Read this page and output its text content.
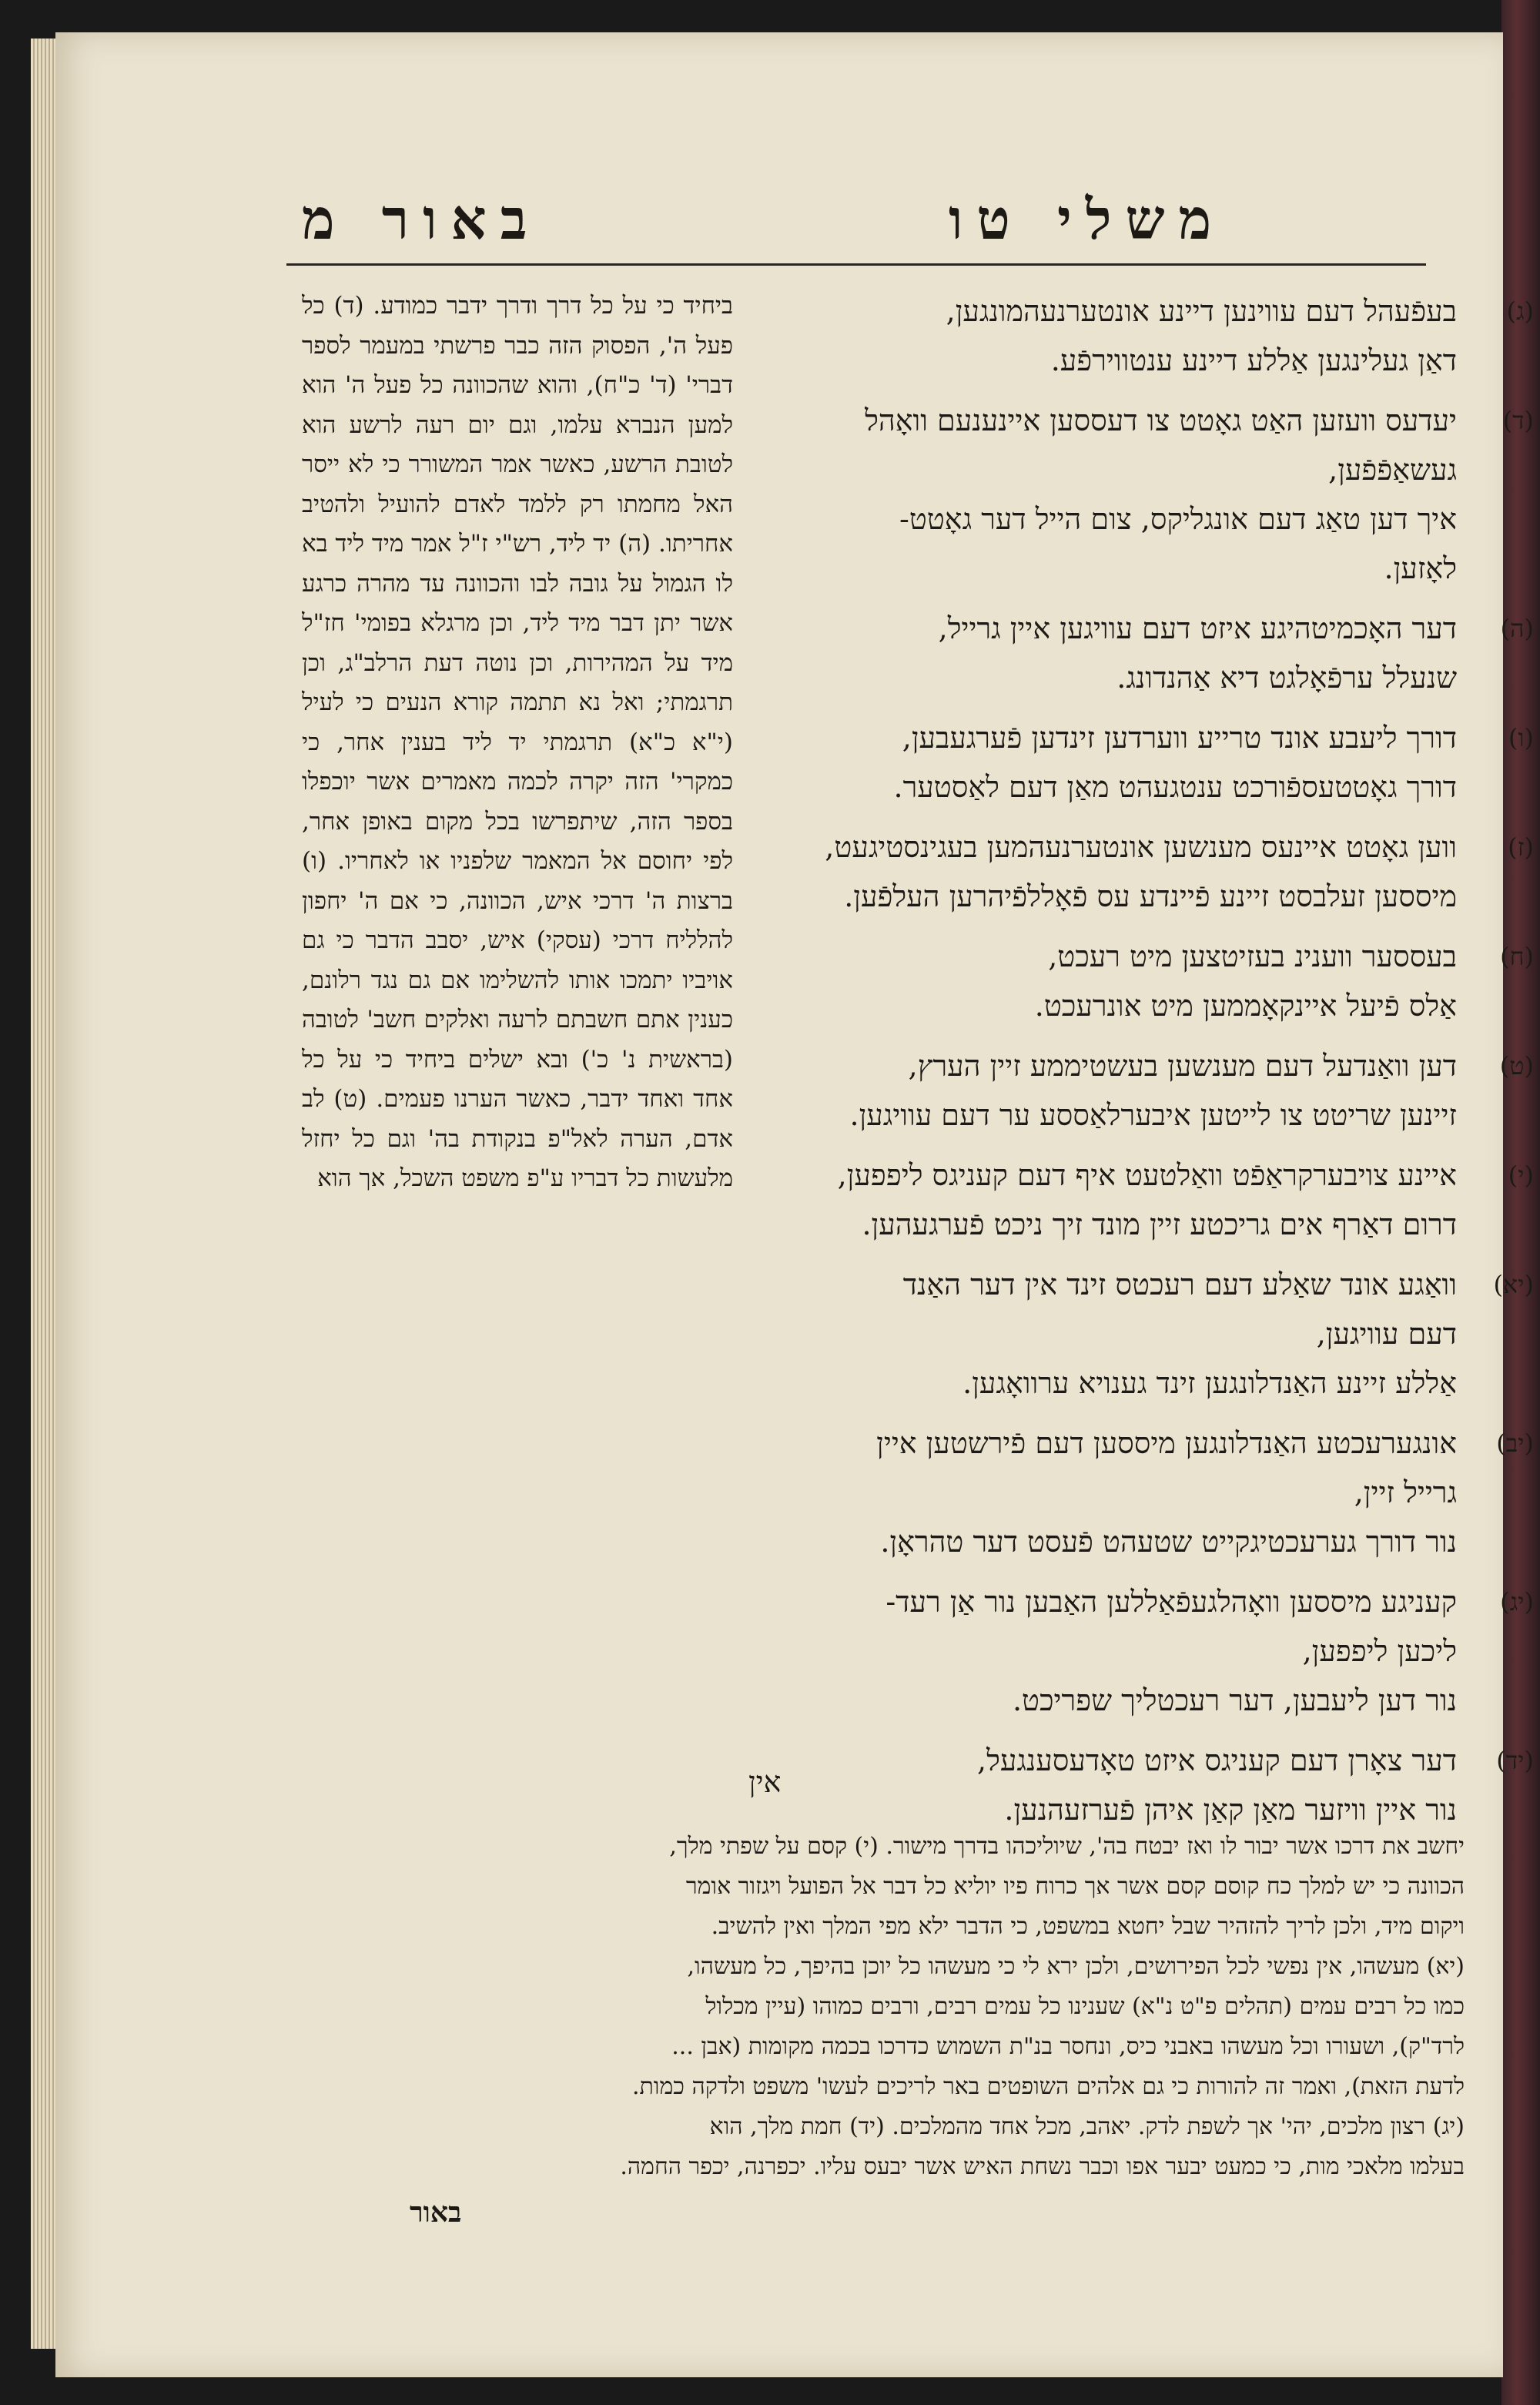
באור מ	משלי טו
ביחיד כי על כל דרך ודרך ידבר כמודע. (ד) כל פעל ה', הפסוק הזה כבר פרשתי במעמר לספר דברי' (ד' כ"ח), והוא שהכוונה כל פעל ה' הוא למען הנברא עלמו, וגם יום רעה לרשע הוא לטובת הרשע, כאשר אמר המשורר כי לא ייסר האל מחמתו רק ללמד לאדם להועיל ולהטיב אחריתו. (ה) יד ליד, רש"י ז"ל אמר מיד ליד בא לו הגמול על גובה לבו והכוונה עד מהרה כרגע אשר יתן דבר מיד ליד, וכן מרגלא בפומי' חז"ל מיד על המהירות, וכן נוטה דעת הרלב"ג, וכן תרגמתי; ואל נא תתמה קורא הנעים כי לעיל (י"א כ"א) תרגמתי יד ליד בענין אחר, כי כמקרי' הזה יקרה לכמה מאמרים אשר יוכפלו בספר הזה, שיתפרשו בכל מקום באופן אחר, לפי יחוסם אל המאמר שלפניו או לאחריו. (ו) ברצות ה' דרכי איש, הכוונה, כי אם ה' יחפון להלליח דרכי (עסקי) איש, יסבב הדבר כי גם אויביו יתמכו אותו להשלימו אם גם נגד רלונם, כענין אתם חשבתם לרעה ואלקים חשב' לטובה (בראשית נ' כ') ובא ישלים ביחיד כי על כל אחד ואחד ידבר, כאשר הערנו פעמים. (ט) לב אדם, הערה לאל"פ בנקודת בה' וגם כל יחזל מלעשות כל דבריו ע"פ משפט השכל, אך הוא
(ג)
בעפֿעהל דעם עווינען דיינע אונטערנעהמונגען,
דאַן געלינגען אַללע דיינע ענטווירפֿע.
(ד)
יעדעס וועזען האַט גאָטט צו דעססען איינענעם וואָהל
געשאַפֿפֿען,
איך דען טאַג דעם אונגליקס, צום הייל דער גאָטט-
לאָזען.
(ה)
דער האָכמיטהיגע איזט דעם עוויגען איין גרייל,
שנעלל ערפֿאָלגט דיא אַהנדונג.
(ו)
דורך ליעבע אונד טרייע ווערדען זינדען פֿערגעבען,
דורך גאָטטעספֿורכט ענטגעהט מאַן דעם לאַסטער.
(ז)
ווען גאָטט איינעס מענשען אונטערנעהמען בעגינסטיגעט,
מיססען זעלבסט זיינע פֿיינדע עס פֿאָללפֿיהרען העלפֿען.
(ח)
בעססער ווענינ בעזיטצען מיט רעכט,
אַלס פֿיעל איינקאָממען מיט אונרעכט.
(ט)
דען וואַנדעל דעם מענשען בעשטיממע זיין הערץ,
זיינען שריטט צו לייטען איבערלאַססע ער דעם עוויגען.
(י)
איינע צויבערקראַפֿט וואַלטעט איף דעם קעניגס ליפפען,
דרום דאַרף אים גריכטע זיין מונד זיך ניכט פֿערגעהען.
(יא)
וואַגע אונד שאַלע דעם רעכטס זינד אין דער האַנד
דעם עוויגען,
אַללע זיינע האַנדלונגען זינד גענויא ערוואָגען.
(יב)
אונגערעכטע האַנדלונגען מיססען דעם פֿירשטען איין
גרייל זיין,
נור דורך גערעכטיגקייט שטעהט פֿעסט דער טהראָן.
(יג)
קעניגע מיססען וואָהלגעפֿאַללען האַבען נור אַן רעד-
ליכען ליפפען,
נור דען ליעבען, דער רעכטליך שפריכט.
(יד)
דער צאָרן דעם קעניגס איזט טאָדעסענגעל,
נור איין וויזער מאַן קאַן איהן פֿערזעהנען.
אין
יחשב את דרכו אשר יבור לו ואז יבטח בה', שיוליכהו בדרך מישור. (י) קסם על שפתי מלך,
הכוונה כי יש למלך כח קוסם קסם אשר אך כרוח פיו יוליא כל דבר אל הפועל ויגזור אומר
ויקום מיד, ולכן לריך להזהיר שבל יחטא במשפט, כי הדבר ילא מפי המלך ואין להשיב.
(יא) מעשהו, אין נפשי לכל הפירושים, ולכן ירא לי כי מעשהו כל יוכן בהיפך, כל מעשהו,
כמו כל רבים עמים (תהלים פ"ט נ"א) שענינו כל עמים רבים, ורבים כמוהו (עיין מכלול
לרד"ק), ושעורו וכל מעשהו באבני כיס, ונחסר בנ"ת השמוש כדרכו בכמה מקומות (אבן ...
לדעת הזאת), ואמר זה להורות כי גם אלהים השופטים באר לריכים לעשו' משפט ולדקה כמות.
(יג) רצון מלכים, יהי' אך לשפת לדק. יאהב, מכל אחד מהמלכים. (יד) חמת מלך, הוא
בעלמו מלאכי מות, כי כמעט יבער אפו וכבר נשחת האיש אשר יבעס עליו. יכפרנה, יכפר החמה.
באור
